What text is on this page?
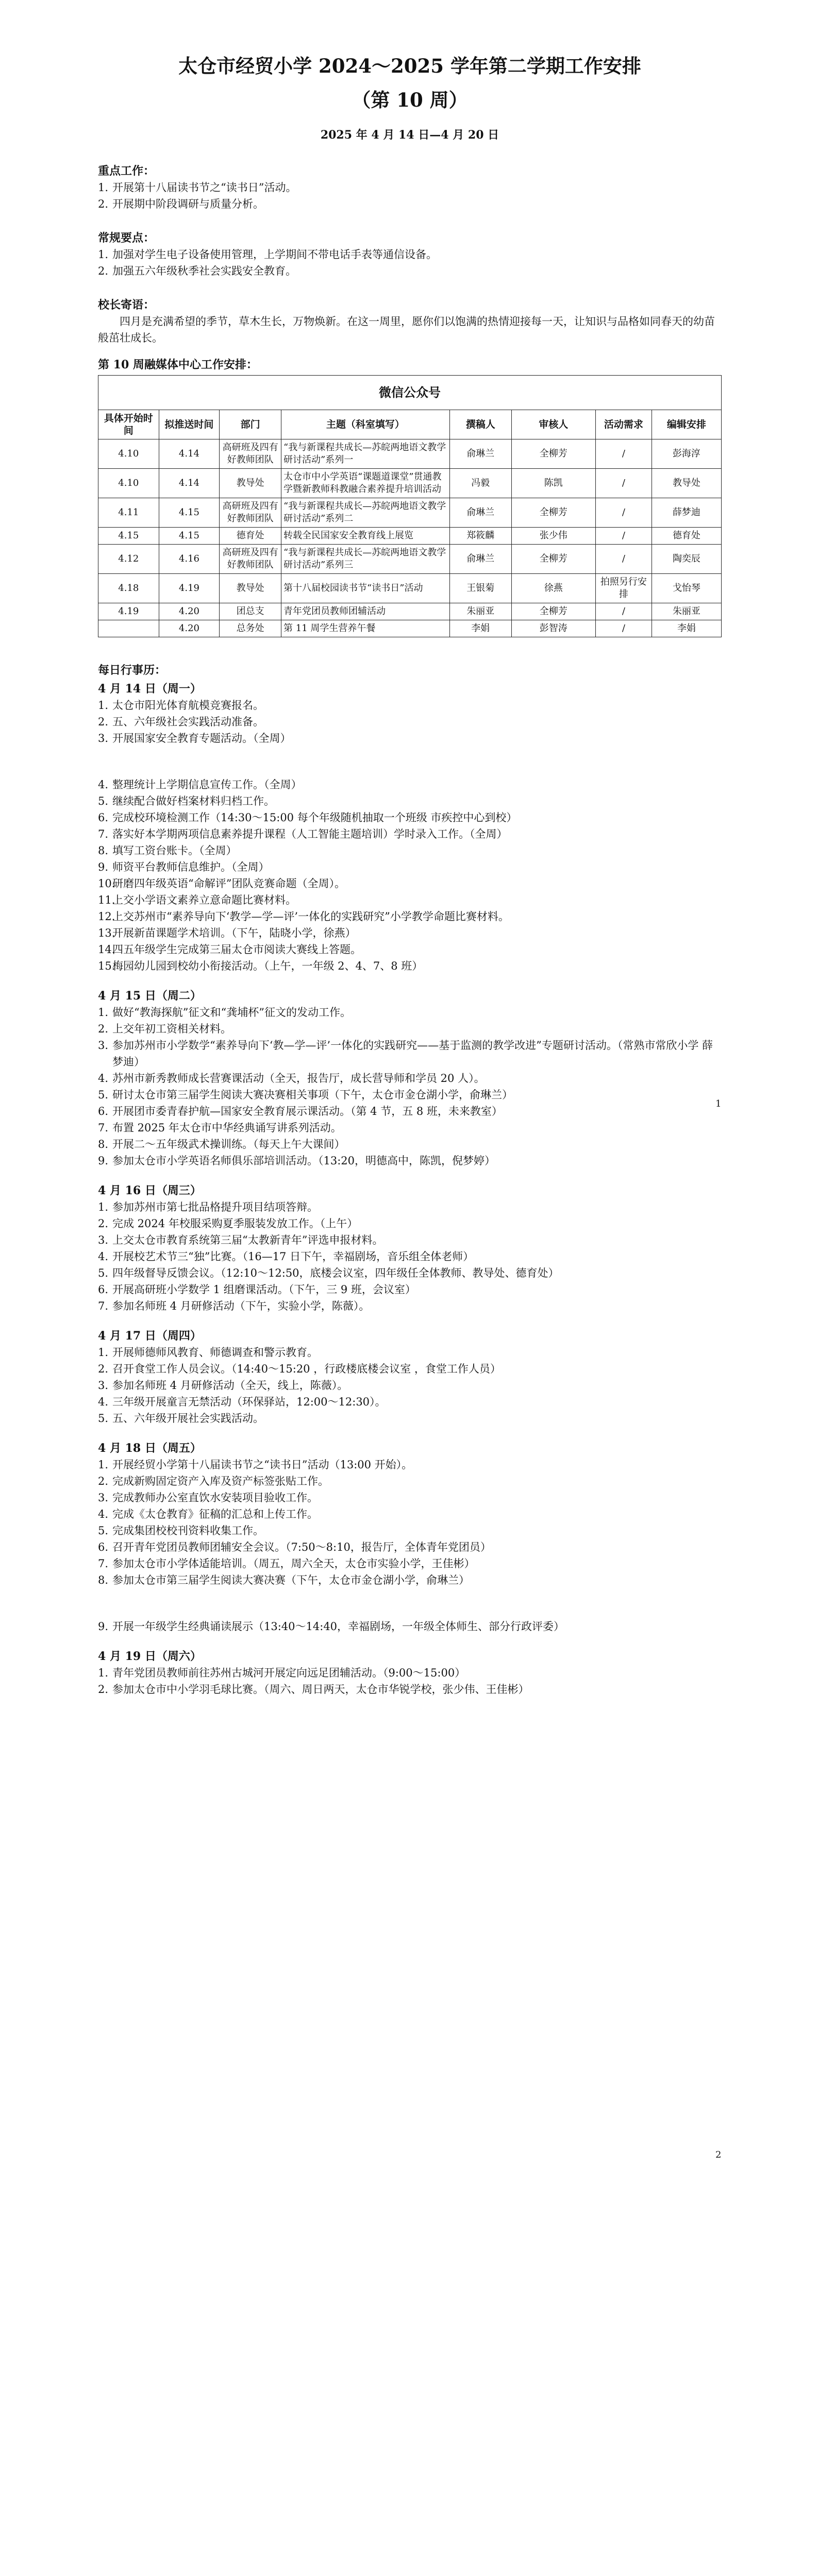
太仓市经贸小学 2024～2025 学年第二学期工作安排
（第 10 周）
2025 年 4 月 14 日—4 月 20 日

重点工作：

1. 开展第十八届读书节之“读书日”活动。
2. 开展期中阶段调研与质量分析。

常规要点：

1. 加强对学生电子设备使用管理，上学期间不带电话手表等通信设备。
2. 加强五六年级秋季社会实践安全教育。

校长寄语：

四月是充满希望的季节，草木生长，万物焕新。在这一周里，愿你们以饱满的热情迎接每一天，让知识与品格如同春天的幼苗般茁壮成长。

第 10 周融媒体中心工作安排：

微信公众号							
具体开始时间	拟推送时间	部门	主题（科室填写）	撰稿人	审核人	活动需求	编辑安排
4.10	4.14	高研班及四有好教师团队	“我与新课程共成长—苏皖两地语文教学研讨活动”系列一	俞琳兰	全柳芳	/	彭海淳
4.10	4.14	教导处	太仓市中小学英语“课题道课堂”贯通教学暨新教师科教融合素养提升培训活动	冯毅	陈凯	/	教导处
4.11	4.15	高研班及四有好教师团队	“我与新课程共成长—苏皖两地语文教学研讨活动”系列二	俞琳兰	全柳芳	/	薛梦迪
4.15	4.15	德育处	转载全民国家安全教育线上展览	郑筱麟	张少伟	/	德育处
4.12	4.16	高研班及四有好教师团队	“我与新课程共成长—苏皖两地语文教学研讨活动”系列三	俞琳兰	全柳芳	/	陶奕辰
4.18	4.19	教导处	第十八届校园读书节“读书日”活动	王银菊	徐燕	拍照另行安排	戈怡琴
4.19	4.20	团总支	青年党团员教师团辅活动	朱丽亚	全柳芳	/	朱丽亚
	4.20	总务处	第 11 周学生营养午餐	李娟	彭智涛	/	李娟

每日行事历：

4 月 14 日（周一）

1. 太仓市阳光体育航模竞赛报名。
2. 五、六年级社会实践活动准备。
3. 开展国家安全教育专题活动。（全周）
4. 整理统计上学期信息宣传工作。（全周）
5. 继续配合做好档案材料归档工作。
6. 完成校环境检测工作（14:30～15:00 每个年级随机抽取一个班级 市疾控中心到校）
7. 落实好本学期两项信息素养提升课程（人工智能主题培训）学时录入工作。（全周）
8. 填写工资台账卡。（全周）
9. 师资平台教师信息维护。（全周）
10.
研磨四年级英语“命解评”团队竞赛命题（全周）。
11.
上交小学语文素养立意命题比赛材料。
12.
上交苏州市“素养导向下‘教学—学—评’一体化的实践研究”小学教学命题比赛材料。
13.
开展新苗课题学术培训。（下午，陆晓小学，徐燕）
14.
四五年级学生完成第三届太仓市阅读大赛线上答题。
15.
梅园幼儿园到校幼小衔接活动。（上午，一年级 2、4、7、8 班）

4 月 15 日（周二）

1. 做好“教海探航”征文和“龚埔杯”征文的发动工作。
2. 上交年初工资相关材料。
3. 参加苏州市小学数学“素养导向下‘教—学—评’一体化的实践研究——基于监测的教学改进”专题研讨活动。（常熟市常欣小学 薛梦迪）
4. 苏州市新秀教师成长营赛课活动（全天，报告厅，成长营导师和学员 20 人）。
5. 研讨太仓市第三届学生阅读大赛决赛相关事项（下午，太仓市金仓湖小学，俞琳兰）
6. 开展团市委青春护航—国家安全教育展示课活动。（第 4 节，五 8 班，未来教室）
7. 布置 2025 年太仓市中华经典诵写讲系列活动。
8. 开展二～五年级武术操训练。（每天上午大课间）
9. 参加太仓市小学英语名师俱乐部培训活动。（13:20，明德高中，陈凯，倪梦婷）

4 月 16 日（周三）

1. 参加苏州市第七批品格提升项目结项答辩。
2. 完成 2024 年校服采购夏季服装发放工作。（上午）
3. 上交太仓市教育系统第三届“太教新青年”评选申报材料。
4. 开展校艺术节三“独”比赛。（16—17 日下午，幸福剧场，音乐组全体老师）
5. 四年级督导反馈会议。（12:10～12:50，底楼会议室，四年级任全体教师、教导处、德育处）
6. 开展高研班小学数学 1 组磨课活动。（下午，三 9 班，会议室）
7. 参加名师班 4 月研修活动（下午，实验小学，陈薇）。

4 月 17 日（周四）

1. 开展师德师风教育、师德调查和警示教育。
2. 召开食堂工作人员会议。（14:40～15:20 ，行政楼底楼会议室 ，食堂工作人员）
3. 参加名师班 4 月研修活动（全天，线上，陈薇）。
4. 三年级开展童言无禁活动（环保驿站，12:00～12:30）。
5. 五、六年级开展社会实践活动。

4 月 18 日（周五）

1. 开展经贸小学第十八届读书节之“读书日”活动（13:00 开始）。
2. 完成新购固定资产入库及资产标签张贴工作。
3. 完成教师办公室直饮水安装项目验收工作。
4. 完成《太仓教育》征稿的汇总和上传工作。
5. 完成集团校校刊资料收集工作。
6. 召开青年党团员教师团辅安全会议。（7:50～8:10，报告厅，全体青年党团员）
7. 参加太仓市小学体适能培训。（周五，周六全天，太仓市实验小学，王佳彬）
8. 参加太仓市第三届学生阅读大赛决赛（下午，太仓市金仓湖小学，俞琳兰）
9. 开展一年级学生经典诵读展示（13:40～14:40，幸福剧场，一年级全体师生、部分行政评委）

4 月 19 日（周六）

1. 青年党团员教师前往苏州古城河开展定向远足团辅活动。（9:00～15:00）
2. 参加太仓市中小学羽毛球比赛。（周六、周日两天，太仓市华锐学校，张少伟、王佳彬）
1
2
